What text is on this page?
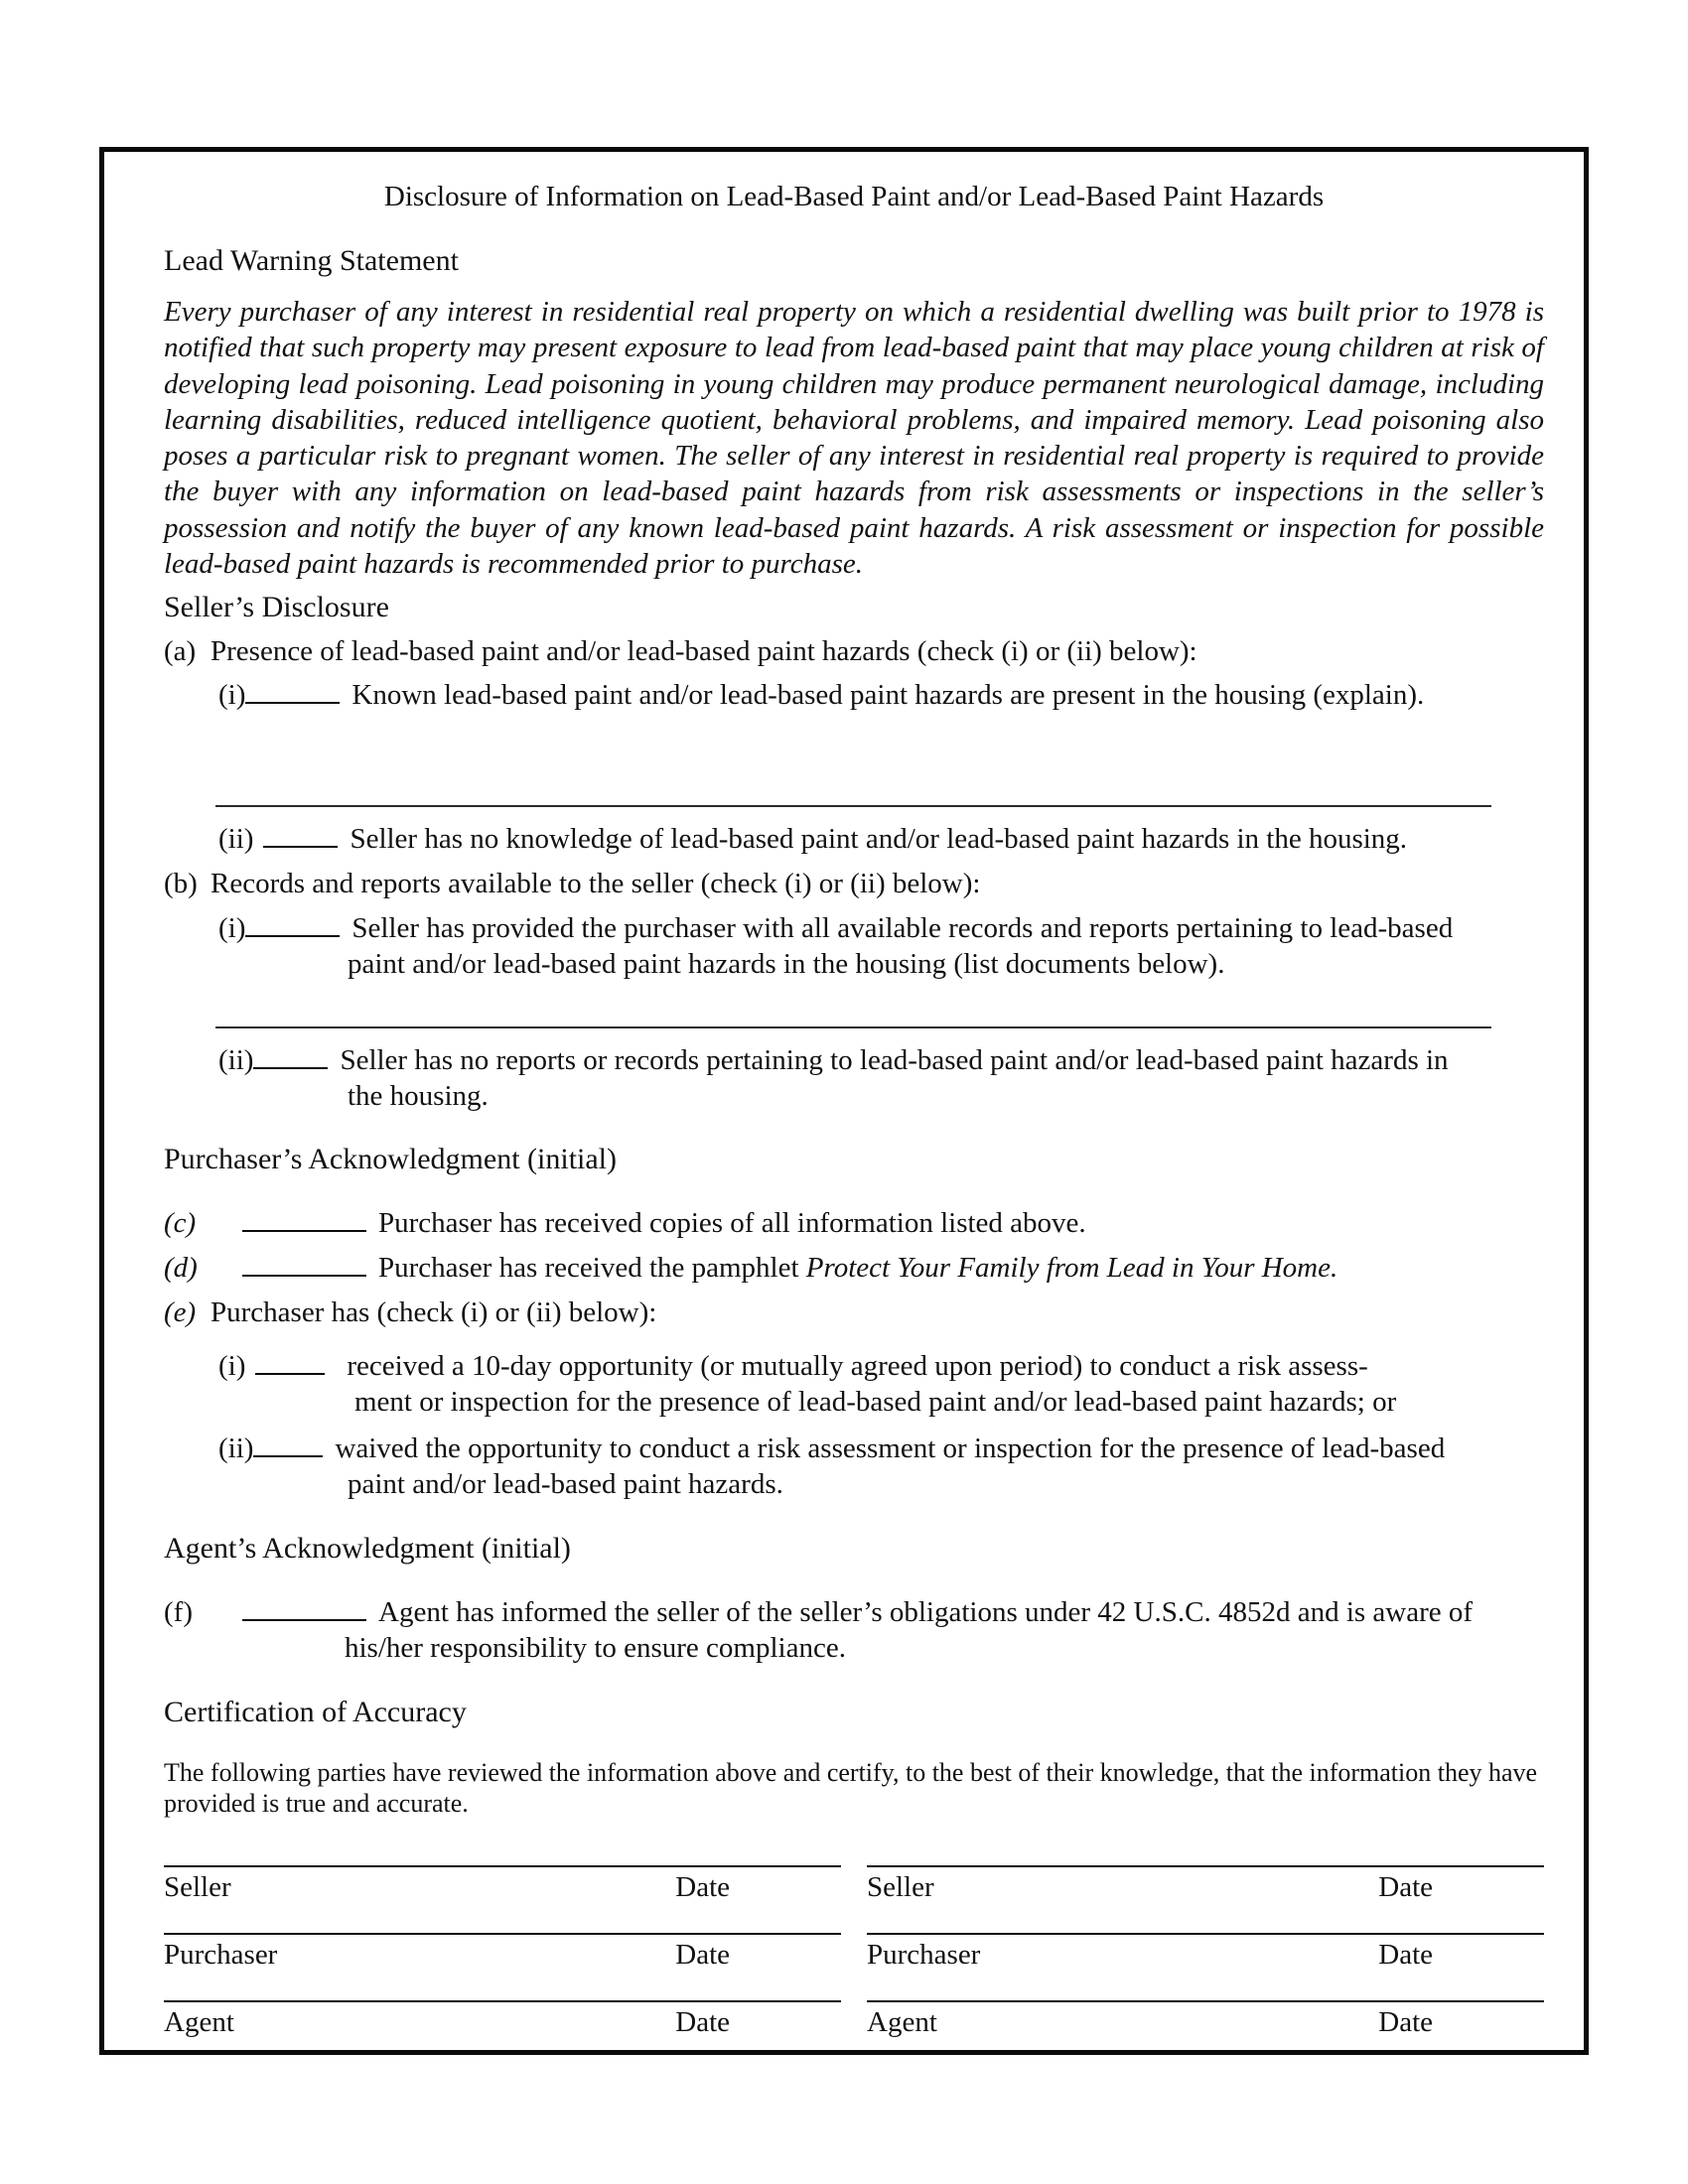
Disclosure of Information on Lead-Based Paint and/or Lead-Based Paint Hazards
Lead Warning Statement

Every purchaser of any interest in residential real property on which a residential dwelling was built prior to 1978 is notified that such property may present exposure to lead from lead-based paint that may place young children at risk of developing lead poisoning. Lead poisoning in young children may produce permanent neurological damage, including learning disabilities, reduced intelligence quotient, behavioral problems, and impaired memory. Lead poisoning also poses a particular risk to pregnant women. The seller of any interest in residential real property is required to provide the buyer with any information on lead-based paint hazards from risk assessments or inspections in the seller’s possession and notify the buyer of any known lead-based paint hazards. A risk assessment or inspection for possible lead-based paint hazards is recommended prior to purchase.

Seller’s Disclosure
(a) Presence of lead-based paint and/or lead-based paint hazards (check (i) or (ii) below):
(i)	Known lead-based paint and/or lead-based paint hazards are present in the housing (explain).
(ii)	Seller has no knowledge of lead-based paint and/or lead-based paint hazards in the housing.
(b) Records and reports available to the seller (check (i) or (ii) below):
(i)	Seller has provided the purchaser with all available records and reports pertaining to lead-based
paint and/or lead-based paint hazards in the housing (list documents below).
(ii)	Seller has no reports or records pertaining to lead-based paint and/or lead-based paint hazards in
the housing.
Purchaser’s Acknowledgment (initial)
(c)	Purchaser has received copies of all information listed above.
(d)	Purchaser has received the pamphlet Protect Your Family from Lead in Your Home.
(e) Purchaser has (check (i) or (ii) below):
(i)	received a 10-day opportunity (or mutually agreed upon period) to conduct a risk assess-
ment or inspection for the presence of lead-based paint and/or lead-based paint hazards; or
(ii)	waived the opportunity to conduct a risk assessment or inspection for the presence of lead-based
paint and/or lead-based paint hazards.
Agent’s Acknowledgment (initial)
(f)	Agent has informed the seller of the seller’s obligations under 42 U.S.C. 4852d and is aware of
his/her responsibility to ensure compliance.
Certification of Accuracy
The following parties have reviewed the information above and certify, to the best of their knowledge, that the information they have provided is true and accurate.
Seller	Date
Purchaser	Date
Agent	Date
Seller	Date
Purchaser	Date
Agent	Date
